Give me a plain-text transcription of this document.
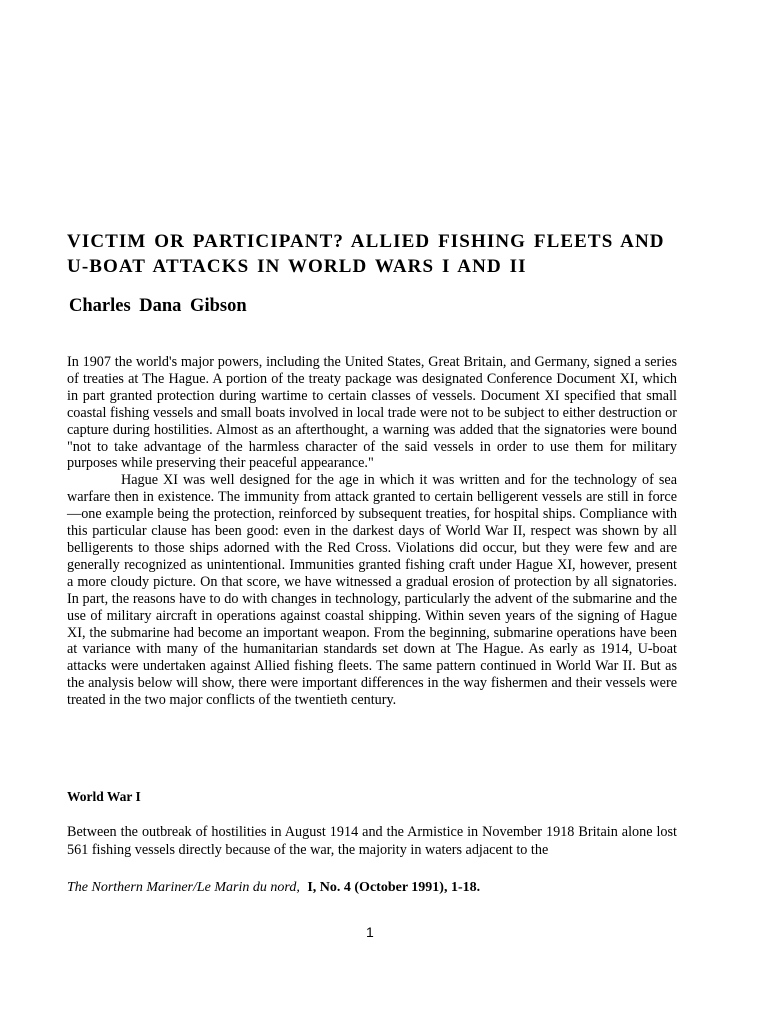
VICTIM OR PARTICIPANT? ALLIED FISHING FLEETS AND U-BOAT ATTACKS IN WORLD WARS I AND II
Charles Dana Gibson

In 1907 the world's major powers, including the United States, Great Britain, and Germany, signed a series of treaties at The Hague. A portion of the treaty package was designated Conference Document XI, which in part granted protection during wartime to certain classes of vessels. Document XI specified that small coastal fishing vessels and small boats involved in local trade were not to be subject to either destruction or capture during hostilities. Almost as an afterthought, a warning was added that the signatories were bound "not to take advantage of the harmless character of the said vessels in order to use them for military purposes while preserving their peaceful appearance."

Hague XI was well designed for the age in which it was written and for the technology of sea warfare then in existence. The immunity from attack granted to certain belligerent vessels are still in force—one example being the protection, reinforced by subsequent treaties, for hospital ships. Compliance with this particular clause has been good: even in the darkest days of World War II, respect was shown by all belligerents to those ships adorned with the Red Cross. Violations did occur, but they were few and are generally recognized as unintentional. Immunities granted fishing craft under Hague XI, however, present a more cloudy picture. On that score, we have witnessed a gradual erosion of protection by all signatories. In part, the reasons have to do with changes in technology, particularly the advent of the submarine and the use of military aircraft in operations against coastal shipping. Within seven years of the signing of Hague XI, the submarine had become an important weapon. From the beginning, submarine operations have been at variance with many of the humanitarian standards set down at The Hague. As early as 1914, U-boat attacks were undertaken against Allied fishing fleets. The same pattern continued in World War II. But as the analysis below will show, there were important differences in the way fishermen and their vessels were treated in the two major conflicts of the twentieth century.

World War I

Between the outbreak of hostilities in August 1914 and the Armistice in November 1918 Britain alone lost 561 fishing vessels directly because of the war, the majority in waters adjacent to the

The Northern Mariner/Le Marin du nord, I, No. 4 (October 1991), 1-18.

1
